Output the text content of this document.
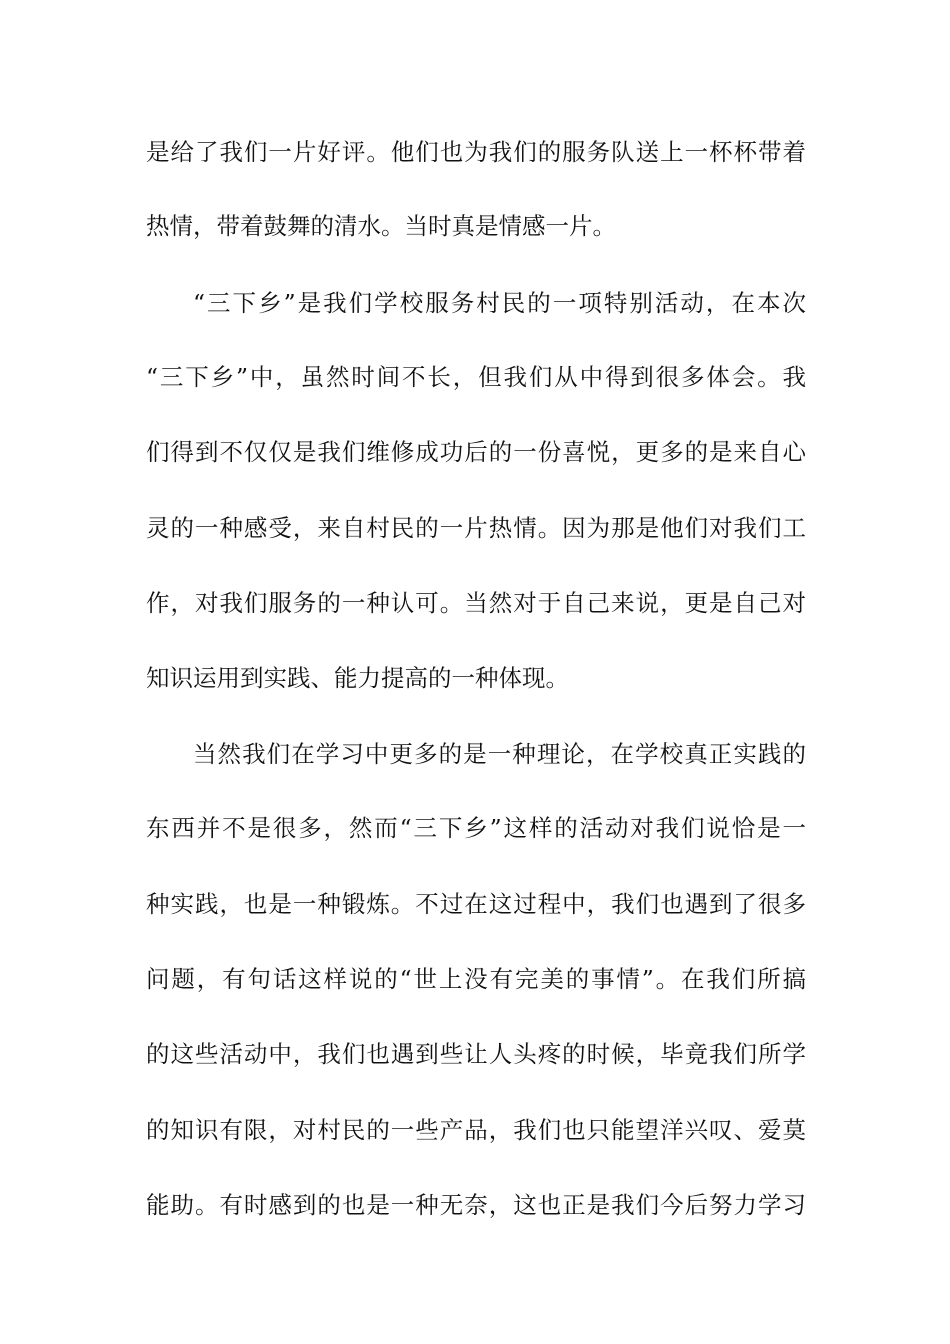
是给了我们一片好评。他们也为我们的服务队送上一杯杯带着
热情，带着鼓舞的清水。当时真是情感一片。
“三下乡”是我们学校服务村民的一项特别活动，在本次
“三下乡”中，虽然时间不长，但我们从中得到很多体会。我
们得到不仅仅是我们维修成功后的一份喜悦，更多的是来自心
灵的一种感受，来自村民的一片热情。因为那是他们对我们工
作，对我们服务的一种认可。当然对于自己来说，更是自己对
知识运用到实践、能力提高的一种体现。
当然我们在学习中更多的是一种理论，在学校真正实践的
东西并不是很多，然而“三下乡”这样的活动对我们说恰是一
种实践，也是一种锻炼。不过在这过程中，我们也遇到了很多
问题，有句话这样说的“世上没有完美的事情”。在我们所搞
的这些活动中，我们也遇到些让人头疼的时候，毕竟我们所学
的知识有限，对村民的一些产品，我们也只能望洋兴叹、爱莫
能助。有时感到的也是一种无奈，这也正是我们今后努力学习
